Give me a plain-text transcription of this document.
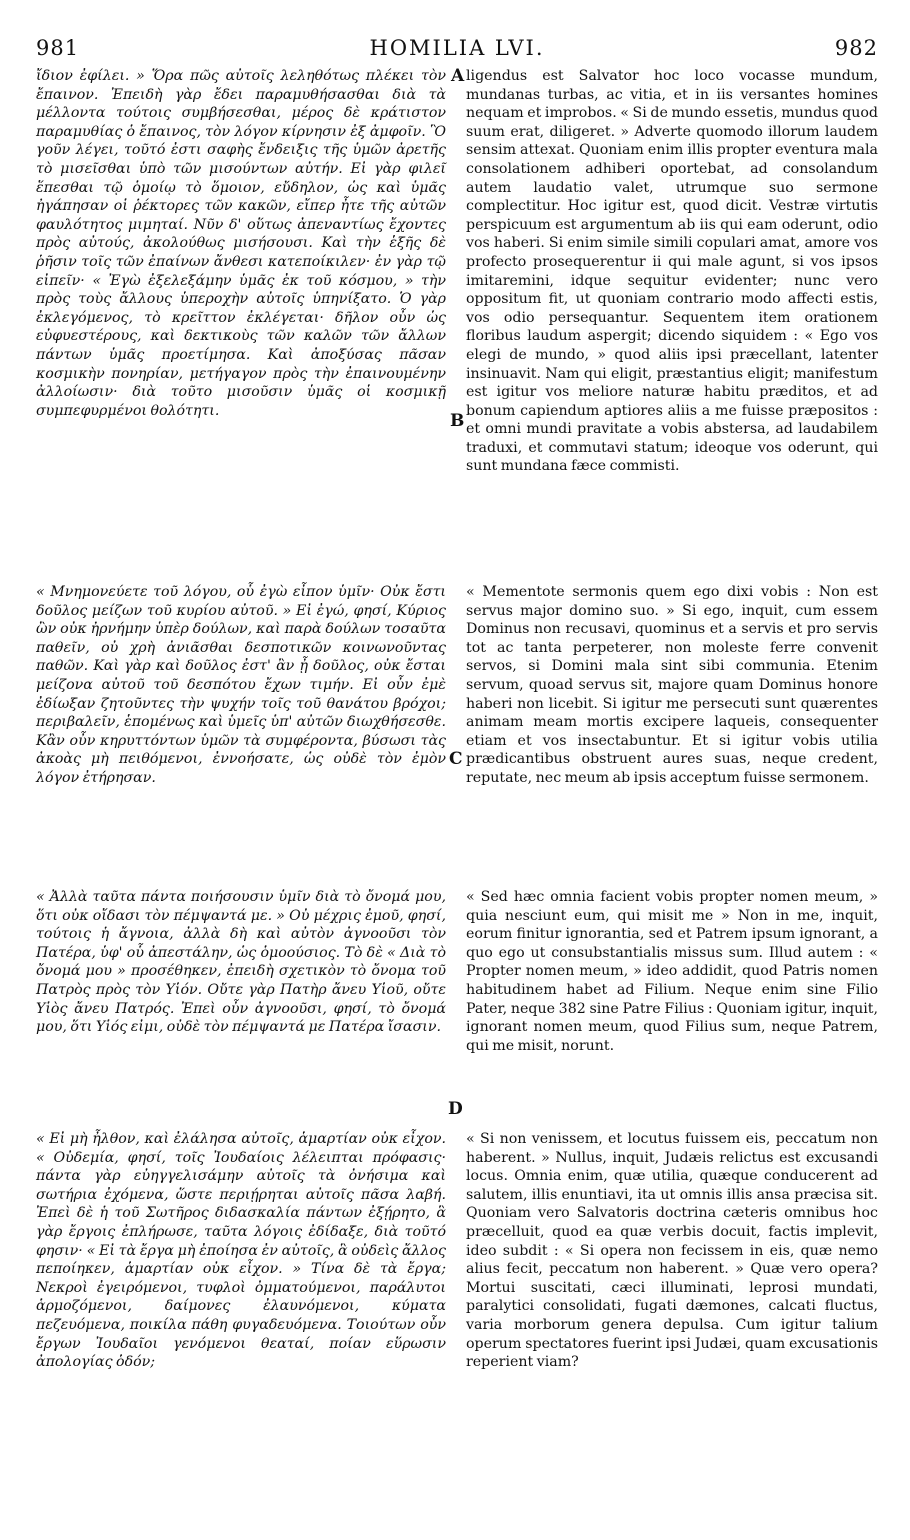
981	HOMILIA LVI.	982

ἴδιον ἐφίλει. » Ὅρα πῶς αὐτοῖς λεληθότως πλέκει τὸν ἔπαινον. Ἐπειδὴ γὰρ ἔδει παραμυθήσασθαι διὰ τὰ μέλλοντα τούτοις συμβήσεσθαι, μέρος δὲ κράτιστον παραμυθίας ὁ ἔπαινος, τὸν λόγον κίρνησιν ἐξ ἀμφοῖν. Ὃ γοῦν λέγει, τοῦτό ἐστι σαφὴς ἔνδειξις τῆς ὑμῶν ἀρετῆς τὸ μισεῖσθαι ὑπὸ τῶν μισούντων αὐτήν. Εἰ γὰρ φιλεῖ ἕπεσθαι τῷ ὁμοίῳ τὸ ὅμοιον, εὔδηλον, ὡς καὶ ὑμᾶς ἠγάπησαν οἱ ῥέκτορες τῶν κακῶν, εἴπερ ἦτε τῆς αὐτῶν φαυλότητος μιμηταί. Νῦν δ' οὕτως ἀπεναντίως ἔχοντες πρὸς αὐτούς, ἀκολούθως μισήσουσι. Καὶ τὴν ἑξῆς δὲ ῥῆσιν τοῖς τῶν ἐπαίνων ἄνθεσι κατεποίκιλεν· ἐν γὰρ τῷ εἰπεῖν· « Ἐγὼ ἐξελεξάμην ὑμᾶς ἐκ τοῦ κόσμου, » τὴν πρὸς τοὺς ἄλλους ὑπεροχὴν αὐτοῖς ὑπηνίξατο. Ὁ γὰρ ἐκλεγόμενος, τὸ κρεῖττον ἐκλέγεται· δῆλον οὖν ὡς εὐφυεστέρους, καὶ δεκτικοὺς τῶν καλῶν τῶν ἄλλων πάντων ὑμᾶς προετίμησα. Καὶ ἀποξύσας πᾶσαν κοσμικὴν πονηρίαν, μετήγαγον πρὸς τὴν ἐπαινουμένην ἀλλοίωσιν· διὰ τοῦτο μισοῦσιν ὑμᾶς οἱ κοσμικῇ συμπεφυρμένοι θολότητι.

ligendus est Salvator hoc loco vocasse mundum, mundanas turbas, ac vitia, et in iis versantes homines nequam et improbos. « Si de mundo essetis, mundus quod suum erat, diligeret. » Adverte quomodo illorum laudem sensim attexat. Quoniam enim illis propter eventura mala consolationem adhiberi oportebat, ad consolandum autem laudatio valet, utrumque suo sermone complectitur. Hoc igitur est, quod dicit. Vestræ virtutis perspicuum est argumentum ab iis qui eam oderunt, odio vos haberi. Si enim simile simili copulari amat, amore vos profecto prosequerentur ii qui male agunt, si vos ipsos imitaremini, idque sequitur evidenter; nunc vero oppositum fit, ut quoniam contrario modo affecti estis, vos odio persequantur. Sequentem item orationem floribus laudum aspergit; dicendo siquidem : « Ego vos elegi de mundo, » quod aliis ipsi præcellant, latenter insinuavit. Nam qui eligit, præstantius eligit; manifestum est igitur vos meliore naturæ habitu præditos, et ad bonum capiendum aptiores aliis a me fuisse præpositos : et omni mundi pravitate a vobis abstersa, ad laudabilem traduxi, et commutavi statum; ideoque vos oderunt, qui sunt mundana fæce commisti.

« Μνημονεύετε τοῦ λόγου, οὗ ἐγὼ εἶπον ὑμῖν· Οὐκ ἔστι δοῦλος μείζων τοῦ κυρίου αὐτοῦ. » Εἰ ἐγώ, φησί, Κύριος ὢν οὐκ ἠρνήμην ὑπὲρ δούλων, καὶ παρὰ δούλων τοσαῦτα παθεῖν, οὐ χρὴ ἀνιᾶσθαι δεσποτικῶν κοινωνοῦντας παθῶν. Καὶ γὰρ καὶ δοῦλος ἐστ' ἂν ᾖ δοῦλος, οὐκ ἔσται μείζονα αὐτοῦ τοῦ δεσπότου ἔχων τιμήν. Εἰ οὖν ἐμὲ ἐδίωξαν ζητοῦντες τὴν ψυχήν τοῖς τοῦ θανάτου βρόχοι; περιβαλεῖν, ἑπομένως καὶ ὑμεῖς ὑπ' αὐτῶν διωχθήσεσθε. Κἂν οὖν κηρυττόντων ὑμῶν τὰ συμφέροντα, βύσωσι τὰς ἀκοὰς μὴ πειθόμενοι, ἐννοήσατε, ὡς οὐδὲ τὸν ἐμὸν λόγον ἐτήρησαν.

« Mementote sermonis quem ego dixi vobis : Non est servus major domino suo. » Si ego, inquit, cum essem Dominus non recusavi, quominus et a servis et pro servis tot ac tanta perpeterer, non moleste ferre convenit servos, si Domini mala sint sibi communia. Etenim servum, quoad servus sit, majore quam Dominus honore haberi non licebit. Si igitur me persecuti sunt quærentes animam meam mortis excipere laqueis, consequenter etiam et vos insectabuntur. Et si igitur vobis utilia prædicantibus obstruent aures suas, neque credent, reputate, nec meum ab ipsis acceptum fuisse sermonem.

« Ἀλλὰ ταῦτα πάντα ποιήσουσιν ὑμῖν διὰ τὸ ὄνομά μου, ὅτι οὐκ οἴδασι τὸν πέμψαντά με. » Οὐ μέχρις ἐμοῦ, φησί, τούτοις ἡ ἄγνοια, ἀλλὰ δὴ καὶ αὐτὸν ἀγνοοῦσι τὸν Πατέρα, ὑφ' οὗ ἀπεστάλην, ὡς ὁμοούσιος. Τὸ δὲ « Διὰ τὸ ὄνομά μου » προσέθηκεν, ἐπειδὴ σχετικὸν τὸ ὄνομα τοῦ Πατρὸς πρὸς τὸν Υἱόν. Οὔτε γὰρ Πατὴρ ἄνευ Υἱοῦ, οὔτε Υἱὸς ἄνευ Πατρός. Ἐπεὶ οὖν ἀγνοοῦσι, φησί, τὸ ὄνομά μου, ὅτι Υἱός εἰμι, οὐδὲ τὸν πέμψαντά με Πατέρα ἴσασιν.

« Sed hæc omnia facient vobis propter nomen meum, » quia nesciunt eum, qui misit me » Non in me, inquit, eorum finitur ignorantia, sed et Patrem ipsum ignorant, a quo ego ut consubstantialis missus sum. Illud autem : « Propter nomen meum, » ideo addidit, quod Patris nomen habitudinem habet ad Filium. Neque enim sine Filio Pater, neque 382 sine Patre Filius : Quoniam igitur, inquit, ignorant nomen meum, quod Filius sum, neque Patrem, qui me misit, norunt.

« Εἰ μὴ ἦλθον, καὶ ἐλάλησα αὐτοῖς, ἁμαρτίαν οὐκ εἶχον. « Οὐδεμία, φησί, τοῖς Ἰουδαίοις λέλειπται πρόφασις· πάντα γὰρ εὐηγγελισάμην αὐτοῖς τὰ ὀνήσιμα καὶ σωτήρια ἐχόμενα, ὥστε περιῄρηται αὐτοῖς πᾶσα λαβή. Ἐπεὶ δὲ ἡ τοῦ Σωτῆρος διδασκαλία πάντων ἐξῄρητο, ἃ γὰρ ἔργοις ἐπλήρωσε, ταῦτα λόγοις ἐδίδαξε, διὰ τοῦτό φησιν· « Εἰ τὰ ἔργα μὴ ἐποίησα ἐν αὐτοῖς, ἃ οὐδεὶς ἄλλος πεποίηκεν, ἁμαρτίαν οὐκ εἶχον. » Τίνα δὲ τὰ ἔργα; Νεκροὶ ἐγειρόμενοι, τυφλοὶ ὀμματούμενοι, παράλυτοι ἁρμοζόμενοι, δαίμονες ἐλαυνόμενοι, κύματα πεζευόμενα, ποικίλα πάθη φυγαδευόμενα. Τοιούτων οὖν ἔργων Ἰουδαῖοι γενόμενοι θεαταί, ποίαν εὕρωσιν ἀπολογίας ὁδόν;

« Si non venissem, et locutus fuissem eis, peccatum non haberent. » Nullus, inquit, Judæis relictus est excusandi locus. Omnia enim, quæ utilia, quæque conducerent ad salutem, illis enuntiavi, ita ut omnis illis ansa præcisa sit. Quoniam vero Salvatoris doctrina cæteris omnibus hoc præcelluit, quod ea quæ verbis docuit, factis implevit, ideo subdit : « Si opera non fecissem in eis, quæ nemo alius fecit, peccatum non haberent. » Quæ vero opera? Mortui suscitati, cæci illuminati, leprosi mundati, paralytici consolidati, fugati dæmones, calcati fluctus, varia morborum genera depulsa. Cum igitur talium operum spectatores fuerint ipsi Judæi, quam excusationis reperient viam?

A
B
C
D
